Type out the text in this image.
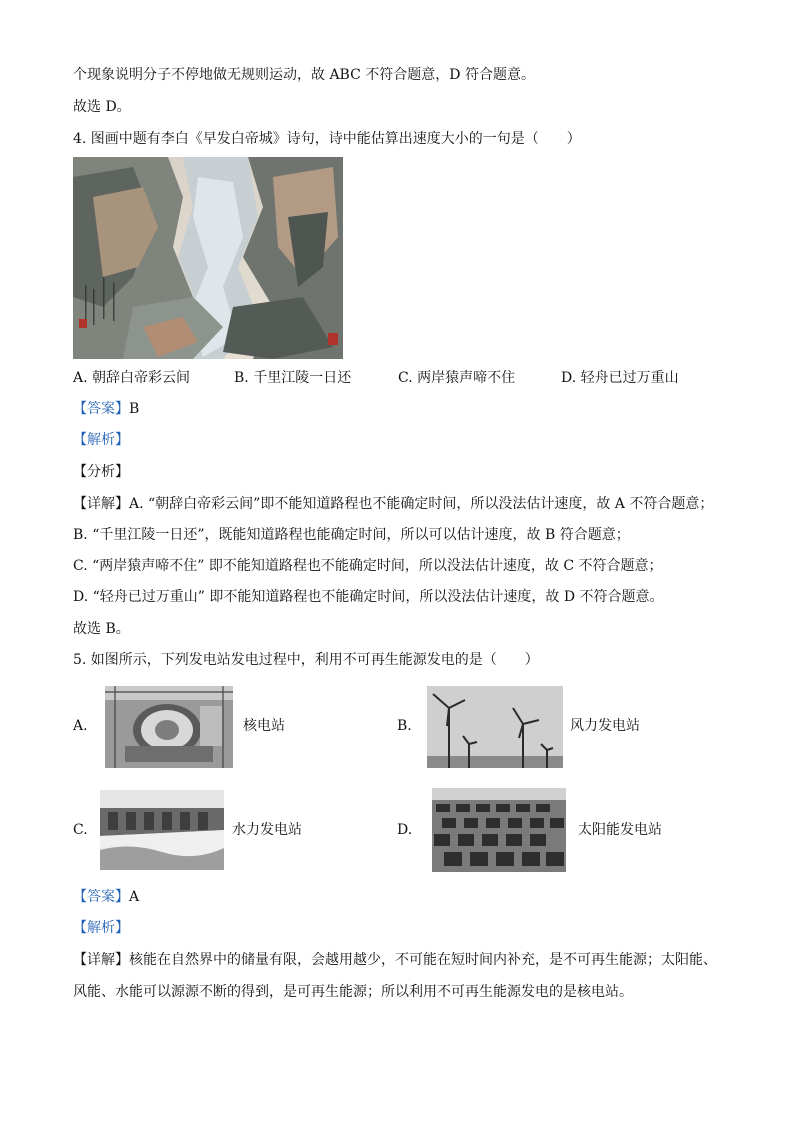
个现象说明分子不停地做无规则运动，故 ABC 不符合题意，D 符合题意。
故选 D。
4. 图画中题有李白《早发白帝城》诗句，诗中能估算出速度大小的一句是（　　）
A. 朝辞白帝彩云间	B. 千里江陵一日还	C. 两岸猿声啼不住	D. 轻舟已过万重山
【答案】B
【解析】
【分析】
【详解】A. “朝辞白帝彩云间”即不能知道路程也不能确定时间，所以没法估计速度，故 A 不符合题意；
B. “千里江陵一日还”，既能知道路程也能确定时间，所以可以估计速度，故 B 符合题意；
C. “两岸猿声啼不住” 即不能知道路程也不能确定时间，所以没法估计速度，故 C 不符合题意；
D. “轻舟已过万重山” 即不能知道路程也不能确定时间，所以没法估计速度，故 D 不符合题意。
故选 B。
5. 如图所示，下列发电站发电过程中，利用不可再生能源发电的是（　　）
A.	核电站	B.	风力发电站
C.	水力发电站	D.	太阳能发电站
【答案】A
【解析】
【详解】核能在自然界中的储量有限，会越用越少，不可能在短时间内补充，是不可再生能源；太阳能、
风能、水能可以源源不断的得到，是可再生能源；所以利用不可再生能源发电的是核电站。
